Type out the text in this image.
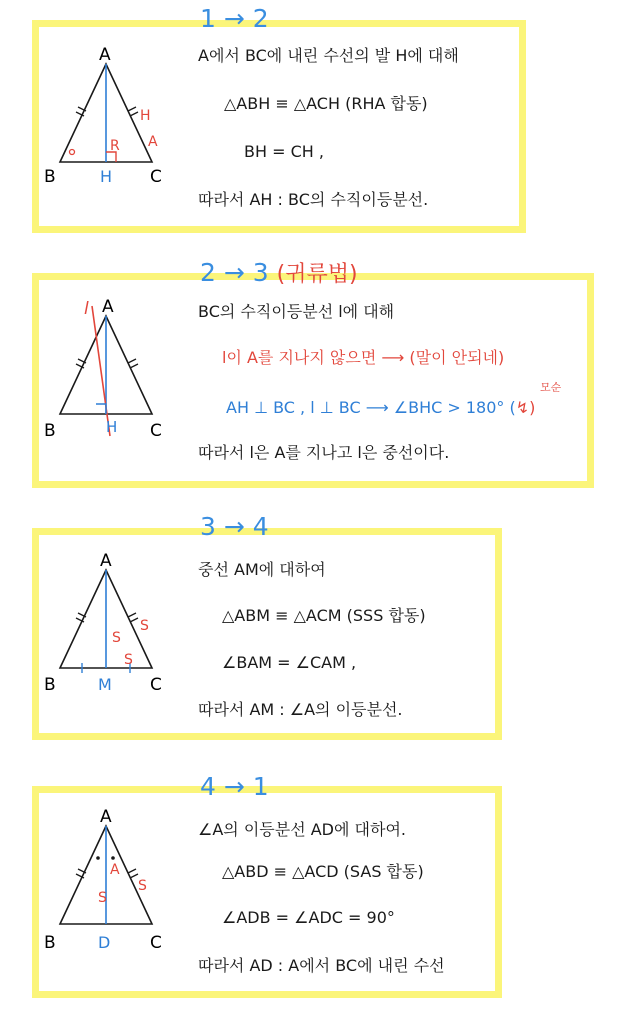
1 → 2
A
B	C
H
R A
H
A에서 BC에 내린 수선의 발 H에 대해
△ABH ≡ △ACH (RHA 합동)
BH = CH ,
따라서 AH : BC의 수직이등분선.
2 → 3 (귀류법)
A
B	C
H
l	BC의 수직이등분선 l에 대해
l이 A를 지나지 않으면 ⟶ (말이 안되네)
AH ⊥ BC , l ⊥ BC ⟶ ∠BHC > 180° (↯)
모순
따라서 l은 A를 지나고 l은 중선이다.
3 → 4
A
B	C
M
S
S
S
중선 AM에 대하여
△ABM ≡ △ACM (SSS 합동)
∠BAM = ∠CAM ,
따라서 AM : ∠A의 이등분선.
4 → 1
A
B	C
D
A
S
S
∠A의 이등분선 AD에 대하여.
△ABD ≡ △ACD (SAS 합동)
∠ADB = ∠ADC = 90°
따라서 AD : A에서 BC에 내린 수선
